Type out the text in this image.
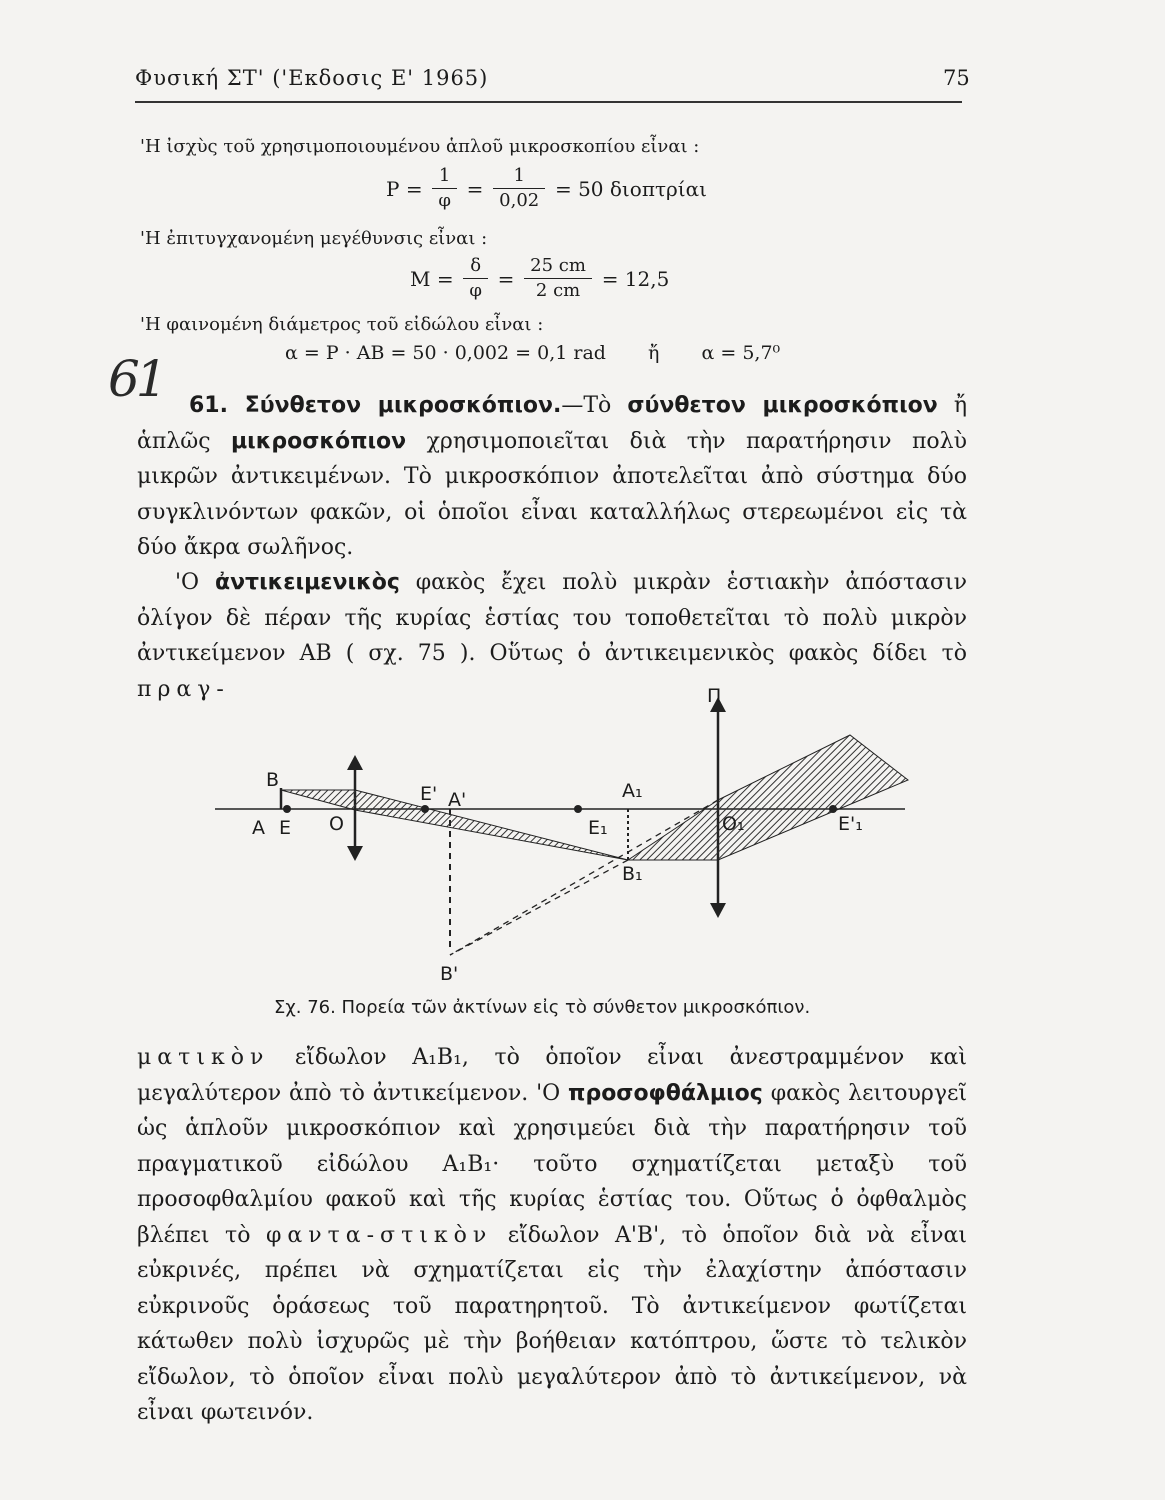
Φυσική ΣΤ' ('Εκδοσις Ε' 1965)	75
'Η ἰσχὺς τοῦ χρησιμοποιουμένου ἁπλοῦ μικροσκοπίου εἶναι :
$P = \frac{1}{\varphi} = \frac{1}{0,02} = 50$ διοπτρίαι
'Η ἐπιτυγχανομένη μεγέθυνσις εἶναι :
$M = \frac{\delta}{\varphi} = \frac{25 cm}{2 cm} = 12,5$
'Η φαινομένη διάμετρος τοῦ εἰδώλου εἶναι :
α = P · AB = 50 · 0,002 = 0,1 rad ἤ α = 5,7⁰
61	61. Σύνθετον μικροσκόπιον.—Τὸ σύνθετον μικροσκόπιον ἤ ἁπλῶς μικροσκόπιον χρησιμοποιεῖται διὰ τὴν παρατήρησιν πολὺ μικρῶν ἀντικειμένων. Τὸ μικροσκόπιον ἀποτελεῖται ἀπὸ σύστημα δύο συγκλινόντων φακῶν, οἱ ὁποῖοι εἶναι καταλλήλως στερεωμένοι εἰς τὰ δύο ἄκρα σωλῆνος.
'Ο ἀντικειμενικὸς φακὸς ἔχει πολὺ μικρὰν ἑστιακὴν ἀπόστασιν ὀλίγον δὲ πέραν τῆς κυρίας ἑστίας του τοποθετεῖται τὸ πολὺ μικρὸν ἀντικείμενον AB ( σχ. 75 ). Οὕτως ὁ ἀντικειμενικὸς φακὸς δίδει τὸ πραγ-
B
A E O
E' A'	A₁
E₁
B₁
O₁	E'₁
Π
B'
Σχ. 76. Πορεία τῶν ἀκτίνων εἰς τὸ σύνθετον μικροσκόπιον.
ματικὸν εἴδωλον A₁B₁, τὸ ὁποῖον εἶναι ἀνεστραμμένον καὶ μεγαλύτερον ἀπὸ τὸ ἀντικείμενον. 'Ο προσοφθάλμιος φακὸς λειτουργεῖ ὡς ἁπλοῦν μικροσκόπιον καὶ χρησιμεύει διὰ τὴν παρατήρησιν τοῦ πραγματικοῦ εἰδώλου A₁B₁· τοῦτο σχηματίζεται μεταξὺ τοῦ προσοφθαλμίου φακοῦ καὶ τῆς κυρίας ἑστίας του. Οὕτως ὁ ὀφθαλμὸς βλέπει τὸ φαντα-στικὸν εἴδωλον A'B', τὸ ὁποῖον διὰ νὰ εἶναι εὐκρινές, πρέπει νὰ σχηματίζεται εἰς τὴν ἐλαχίστην ἀπόστασιν εὐκρινοῦς ὁράσεως τοῦ παρατηρητοῦ. Τὸ ἀντικείμενον φωτίζεται κάτωθεν πολὺ ἰσχυρῶς μὲ τὴν βοήθειαν κατόπτρου, ὥστε τὸ τελικὸν εἴδωλον, τὸ ὁποῖον εἶναι πολὺ μεγαλύτερον ἀπὸ τὸ ἀντικείμενον, νὰ εἶναι φωτεινόν.
